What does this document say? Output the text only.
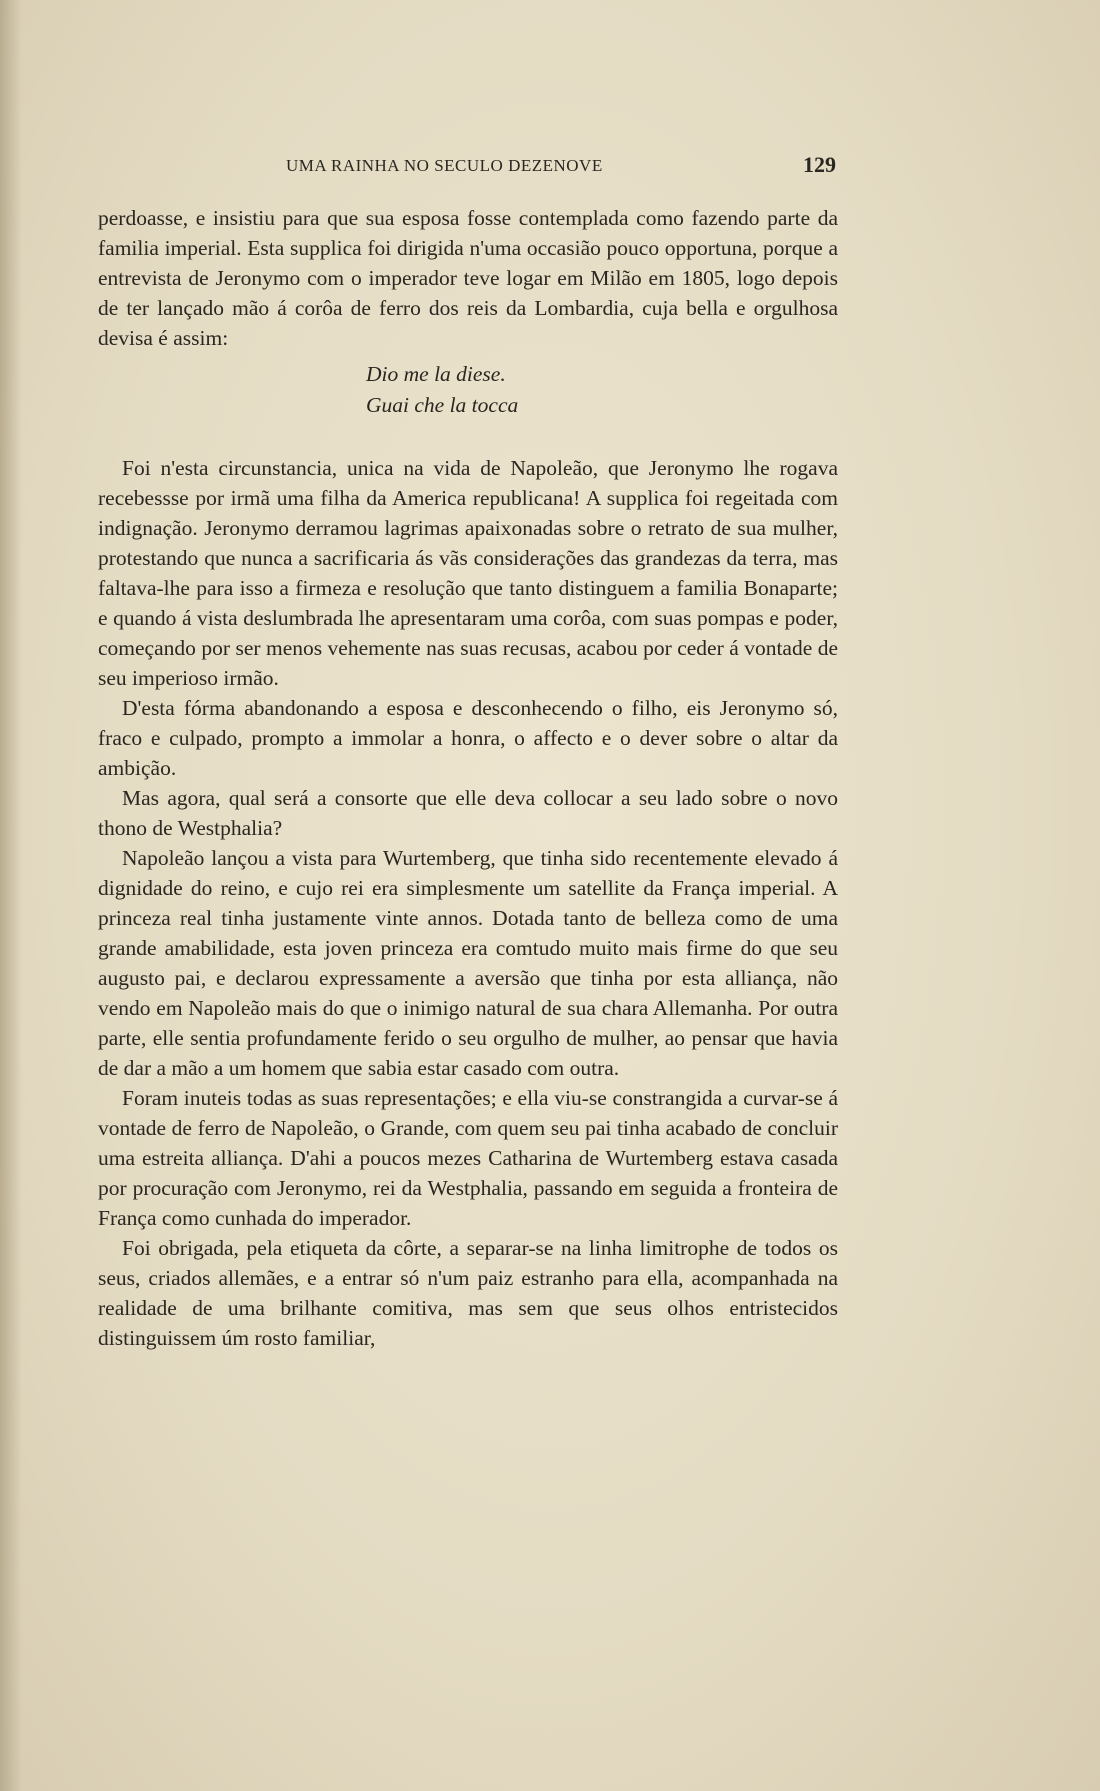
UMA RAINHA NO SECULO DEZENOVE	129

perdoasse, e insistiu para que sua esposa fosse contemplada como fazendo parte da familia imperial. Esta supplica foi dirigida n'uma occasião pouco opportuna, porque a entrevista de Jeronymo com o imperador teve logar em Milão em 1805, logo depois de ter lançado mão á corôa de ferro dos reis da Lombardia, cuja bella e orgulhosa devisa é assim:

Dio me la diese.
Guai che la tocca

Foi n'esta circunstancia, unica na vida de Napoleão, que Jeronymo lhe rogava recebessse por irmã uma filha da America republicana! A supplica foi regeitada com indignação. Jeronymo derramou lagrimas apaixonadas sobre o retrato de sua mulher, protestando que nunca a sacrificaria ás vãs considerações das grandezas da terra, mas faltava-lhe para isso a firmeza e resolução que tanto distinguem a familia Bonaparte; e quando á vista deslumbrada lhe apresentaram uma corôa, com suas pompas e poder, começando por ser menos vehemente nas suas recusas, acabou por ceder á vontade de seu imperioso irmão.

D'esta fórma abandonando a esposa e desconhecendo o filho, eis Jeronymo só, fraco e culpado, prompto a immolar a honra, o affecto e o dever sobre o altar da ambição.

Mas agora, qual será a consorte que elle deva collocar a seu lado sobre o novo thono de Westphalia?

Napoleão lançou a vista para Wurtemberg, que tinha sido recentemente elevado á dignidade do reino, e cujo rei era simplesmente um satellite da França imperial. A princeza real tinha justamente vinte annos. Dotada tanto de belleza como de uma grande amabilidade, esta joven princeza era comtudo muito mais firme do que seu augusto pai, e declarou expressamente a aversão que tinha por esta alliança, não vendo em Napoleão mais do que o inimigo natural de sua chara Allemanha. Por outra parte, elle sentia profundamente ferido o seu orgulho de mulher, ao pensar que havia de dar a mão a um homem que sabia estar casado com outra.

Foram inuteis todas as suas representações; e ella viu-se constrangida a curvar-se á vontade de ferro de Napoleão, o Grande, com quem seu pai tinha acabado de concluir uma estreita alliança. D'ahi a poucos mezes Catharina de Wurtemberg estava casada por procuração com Jeronymo, rei da Westphalia, passando em seguida a fronteira de França como cunhada do imperador.

Foi obrigada, pela etiqueta da côrte, a separar-se na linha limitrophe de todos os seus, criados allemães, e a entrar só n'um paiz estranho para ella, acompanhada na realidade de uma brilhante comitiva, mas sem que seus olhos entristecidos distinguissem úm rosto familiar,
